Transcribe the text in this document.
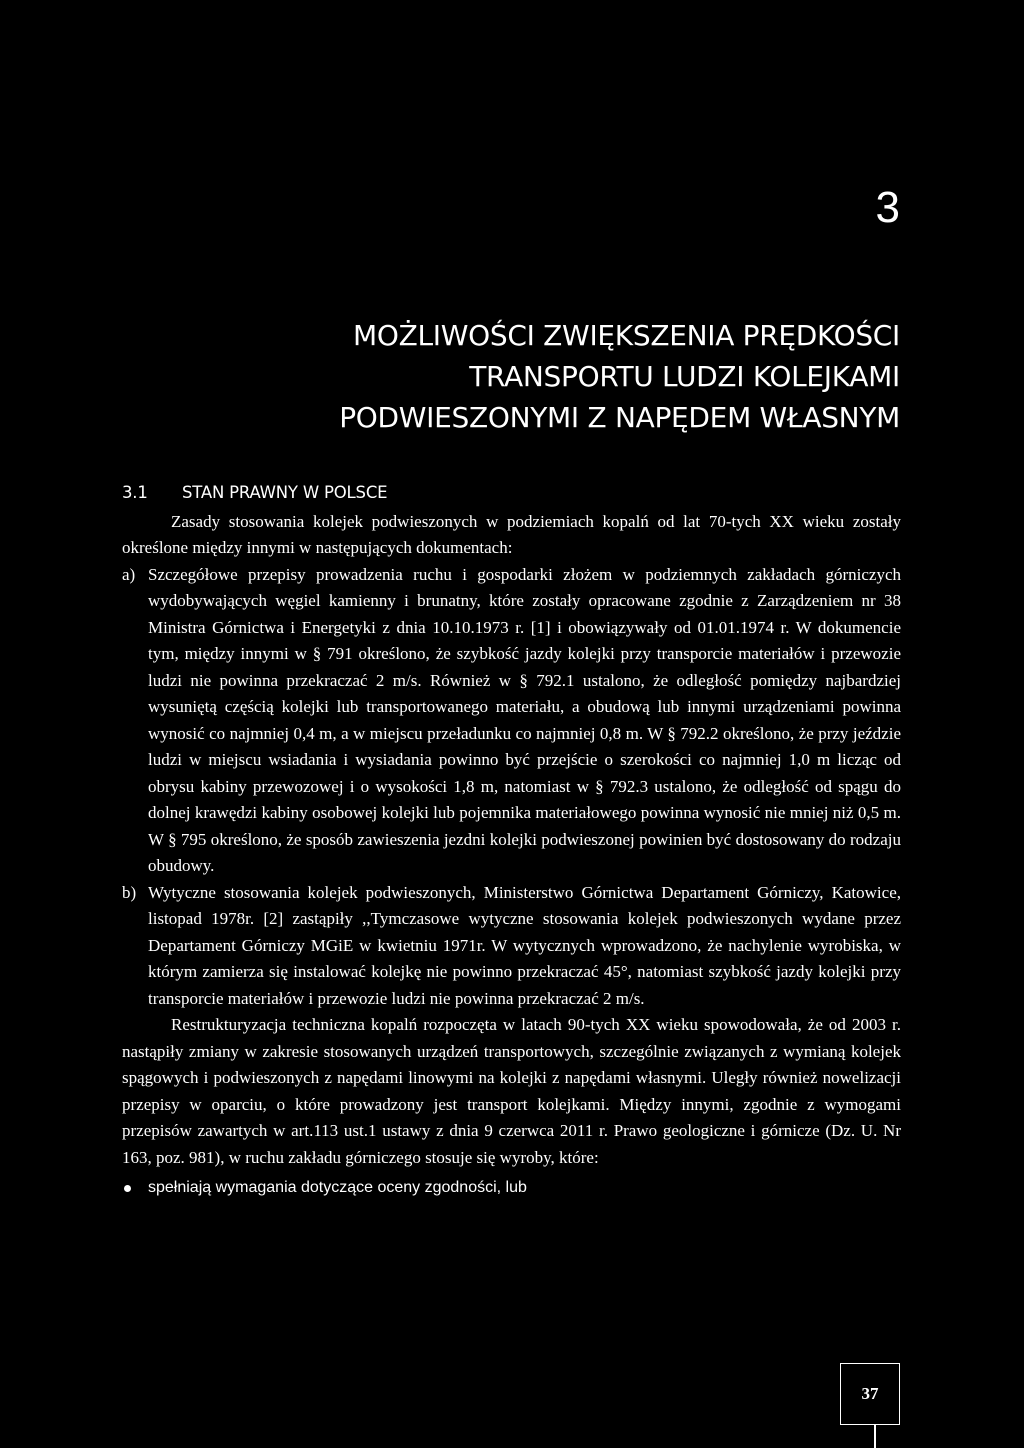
3
MOŻLIWOŚCI ZWIĘKSZENIA PRĘDKOŚCI
TRANSPORTU LUDZI KOLEJKAMI
PODWIESZONYMI Z NAPĘDEM WŁASNYM
3.1 STAN PRAWNY W POLSCE

Zasady stosowania kolejek podwieszonych w podziemiach kopalń od lat 70-tych XX wieku zostały określone między innymi w następujących dokumentach:

a) Szczegółowe przepisy prowadzenia ruchu i gospodarki złożem w podziemnych zakładach górniczych wydobywających węgiel kamienny i brunatny, które zostały opracowane zgodnie z Zarządzeniem nr 38 Ministra Górnictwa i Energetyki z dnia 10.10.1973 r. [1] i obowiązywały od 01.01.1974 r. W dokumencie tym, między innymi w § 791 określono, że szybkość jazdy kolejki przy transporcie materiałów i przewozie ludzi nie powinna przekraczać 2 m/s. Również w § 792.1 ustalono, że odległość pomiędzy najbardziej wysuniętą częścią kolejki lub transportowanego materiału, a obudową lub innymi urządzeniami powinna wynosić co najmniej 0,4 m, a w miejscu przeładunku co najmniej 0,8 m. W § 792.2 określono, że przy jeździe ludzi w miejscu wsiadania i wysiadania powinno być przejście o szerokości co najmniej 1,0 m licząc od obrysu kabiny przewozowej i o wysokości 1,8 m, natomiast w § 792.3 ustalono, że odległość od spągu do dolnej krawędzi kabiny osobowej kolejki lub pojemnika materiałowego powinna wynosić nie mniej niż 0,5 m. W § 795 określono, że sposób zawieszenia jezdni kolejki podwieszonej powinien być dostosowany do rodzaju obudowy.
b) Wytyczne stosowania kolejek podwieszonych, Ministerstwo Górnictwa Departament Górniczy, Katowice, listopad 1978r. [2] zastąpiły ,,Tymczasowe wytyczne stosowania kolejek podwieszonych wydane przez Departament Górniczy MGiE w kwietniu 1971r. W wytycznych wprowadzono, że nachylenie wyrobiska, w którym zamierza się instalować kolejkę nie powinno przekraczać 45°, natomiast szybkość jazdy kolejki przy transporcie materiałów i przewozie ludzi nie powinna przekraczać 2 m/s.

Restrukturyzacja techniczna kopalń rozpoczęta w latach 90-tych XX wieku spowodowała, że od 2003 r. nastąpiły zmiany w zakresie stosowanych urządzeń transportowych, szczególnie związanych z wymianą kolejek spągowych i podwieszonych z napędami linowymi na kolejki z napędami własnymi. Uległy również nowelizacji przepisy w oparciu, o które prowadzony jest transport kolejkami. Między innymi, zgodnie z wymogami przepisów zawartych w art.113 ust.1 ustawy z dnia 9 czerwca 2011 r. Prawo geologiczne i górnicze (Dz. U. Nr 163, poz. 981), w ruchu zakładu górniczego stosuje się wyroby, które:

spełniają wymagania dotyczące oceny zgodności, lub
37
